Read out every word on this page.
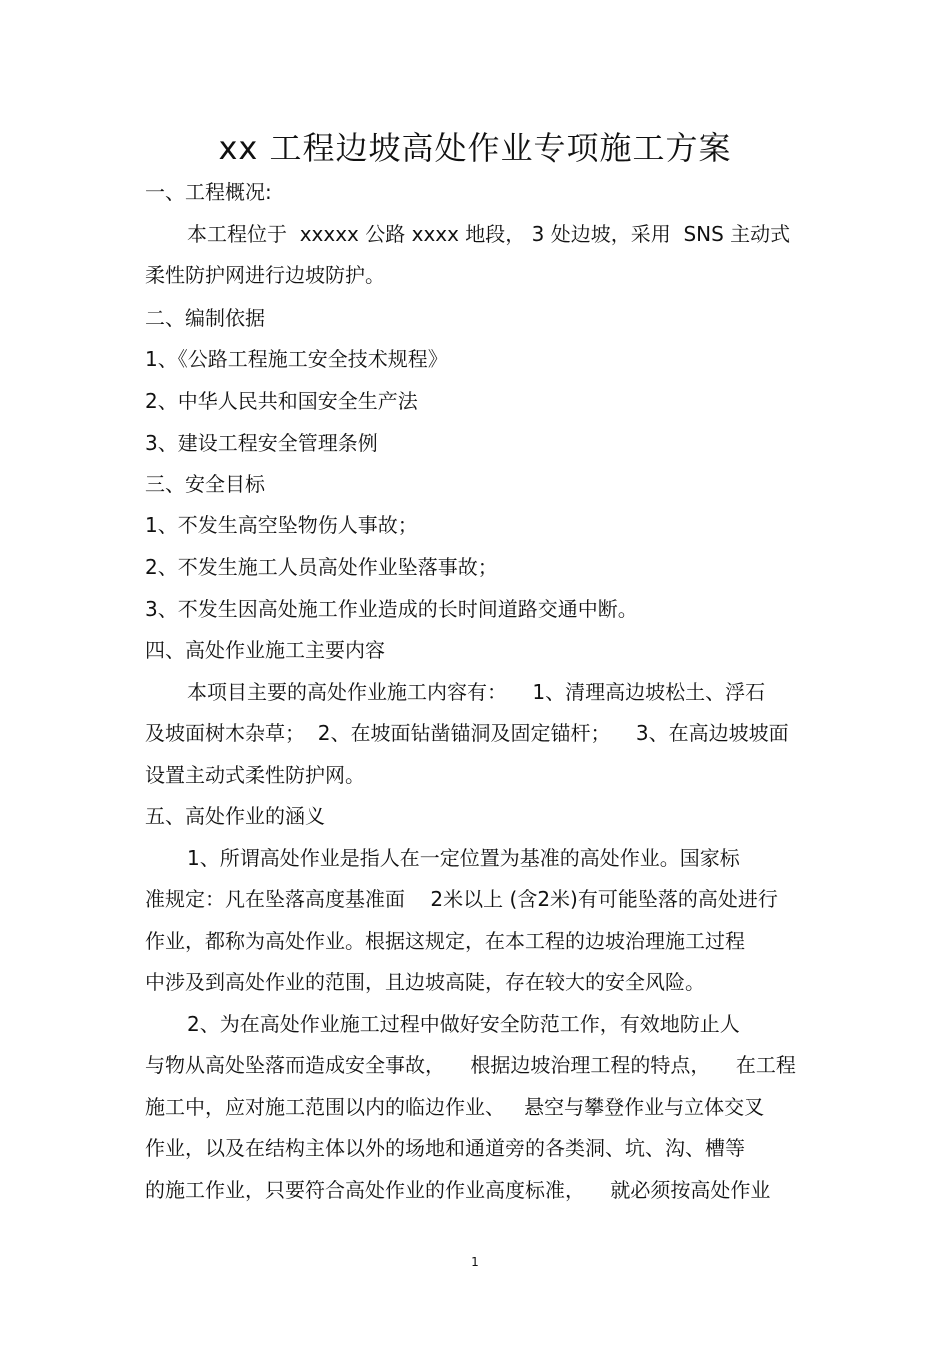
xx 工程边坡高处作业专项施工方案
一、工程概况:
本工程位于  xxxxx 公路 xxxx 地段， 3 处边坡，采用  SNS 主动式
柔性防护网进行边坡防护。
二、编制依据
1、《公路工程施工安全技术规程》
2、中华人民共和国安全生产法
3、建设工程安全管理条例
三、安全目标
1、不发生高空坠物伤人事故；
2、不发生施工人员高处作业坠落事故；
3、不发生因高处施工作业造成的长时间道路交通中断。
四、高处作业施工主要内容
本项目主要的高处作业施工内容有：    1、清理高边坡松土、浮石
及坡面树木杂草；  2、在坡面钻凿锚洞及固定锚杆；    3、在高边坡坡面
设置主动式柔性防护网。
五、高处作业的涵义
1、所谓高处作业是指人在一定位置为基准的高处作业。国家标
准规定：凡在坠落高度基准面    2米以上 (含2米)有可能坠落的高处进行
作业，都称为高处作业。根据这规定，在本工程的边坡治理施工过程
中涉及到高处作业的范围，且边坡高陡，存在较大的安全风险。
2、为在高处作业施工过程中做好安全防范工作，有效地防止人
与物从高处坠落而造成安全事故，    根据边坡治理工程的特点，    在工程
施工中，应对施工范围以内的临边作业、   悬空与攀登作业与立体交叉
作业，以及在结构主体以外的场地和通道旁的各类洞、坑、沟、槽等
的施工作业，只要符合高处作业的作业高度标准，    就必须按高处作业
1
